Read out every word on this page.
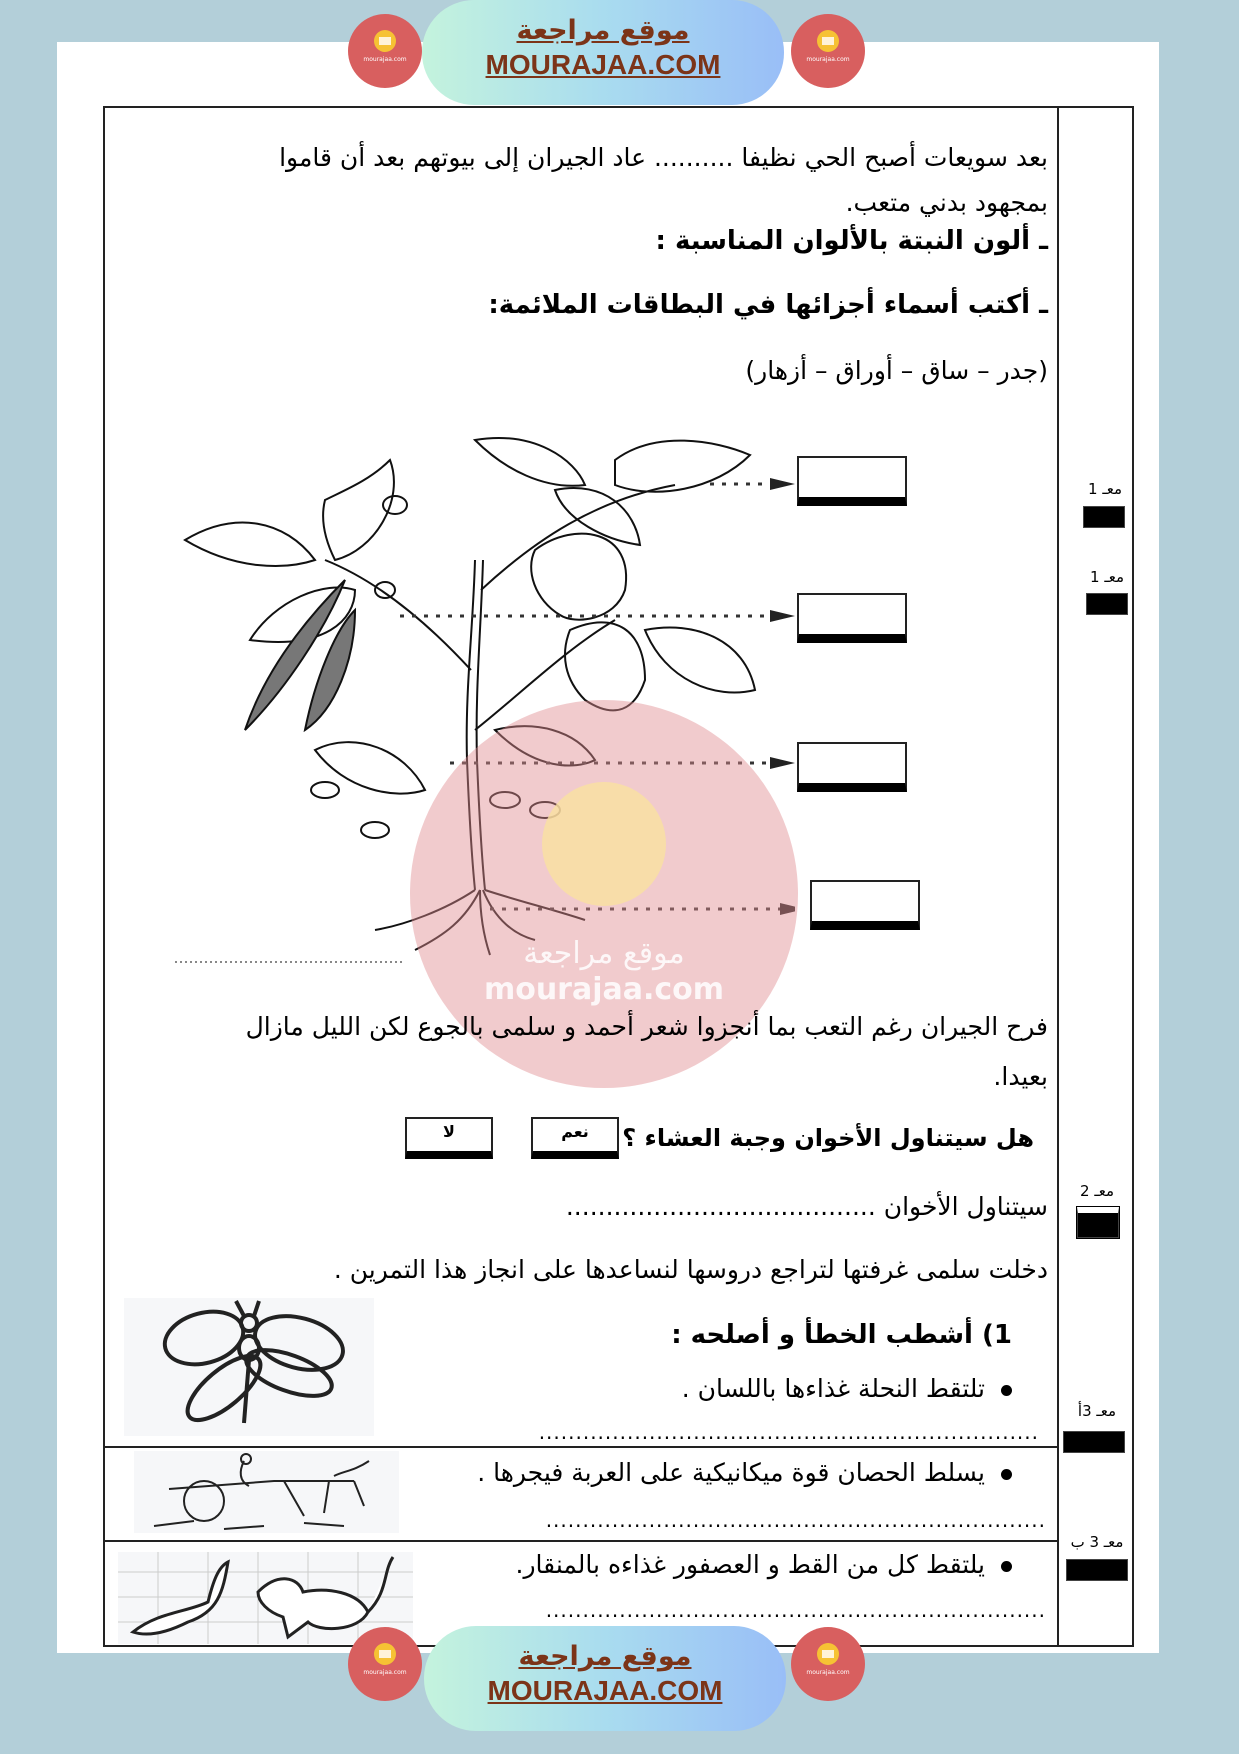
mourajaa.com
موقع مراجعة
MOURAJAA.COM	mourajaa.com
بعد سويعات أصبح الحي نظيفا .......... عاد الجيران إلى بيوتهم بعد أن قاموا
بمجهود بدني متعب.
ـ ألون النبتة بالألوان المناسبة :
ـ أكتب أسماء أجزائها في البطاقات الملائمة:
(جدر – ساق – أوراق – أزهار)
موقع مراجعة
mourajaa.com
فرح الجيران رغم التعب بما أنجزوا شعر أحمد و سلمى بالجوع لكن الليل مازال
بعيدا.
هل سيتناول الأخوان وجبة العشاء ؟
نعم
لا
سيتناول الأخوان .......................................
دخلت سلمى غرفتها لتراجع دروسها لنساعدها على انجاز هذا التمرين .
1) أشطب الخطأ و أصلحه :
تلتقط النحلة غذاءها باللسان .
....................................................................
يسلط الحصان قوة ميكانيكية على العربة فيجرها .
....................................................................
يلتقط كل من القط و العصفور غذاءه بالمنقار.
....................................................................
معـ 1
معـ 1
معـ 2
معـ 3أ
معـ 3 ب
mourajaa.com
موقع مراجعة
MOURAJAA.COM
mourajaa.com
